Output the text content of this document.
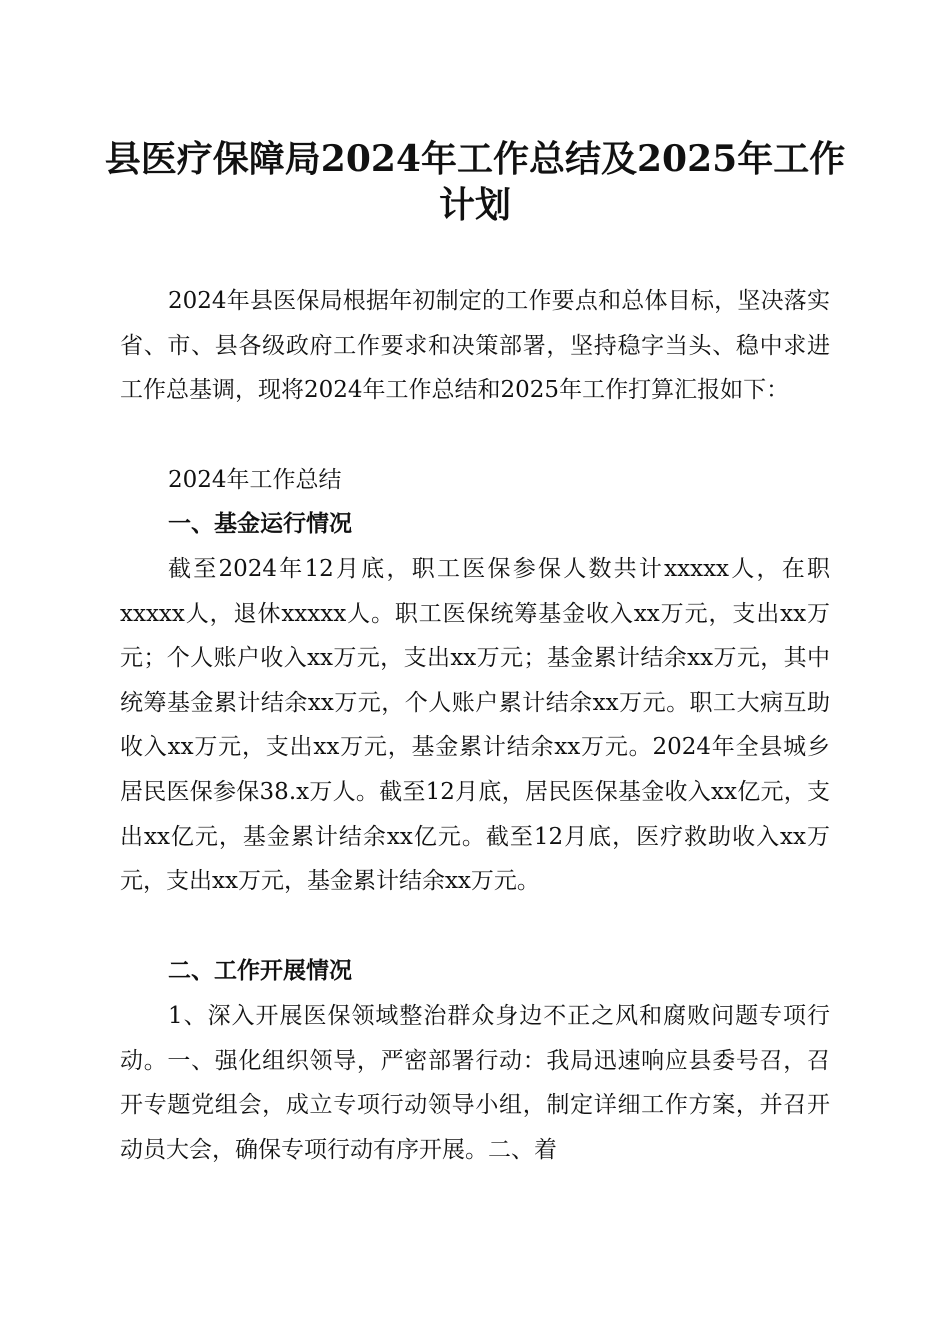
县医疗保障局2024年工作总结及2025年工作
计划

2024年县医保局根据年初制定的工作要点和总体目标，坚决落实省、市、县各级政府工作要求和决策部署，坚持稳字当头、稳中求进工作总基调，现将2024年工作总结和2025年工作打算汇报如下：

2024年工作总结

一、基金运行情况

截至2024年12月底，职工医保参保人数共计xxxxx人，在职xxxxx人，退休xxxxx人。职工医保统筹基金收入xx万元，支出xx万元；个人账户收入xx万元，支出xx万元；基金累计结余xx万元，其中统筹基金累计结余xx万元，个人账户累计结余xx万元。职工大病互助收入xx万元，支出xx万元，基金累计结余xx万元。2024年全县城乡居民医保参保38.x万人。截至12月底，居民医保基金收入xx亿元，支出xx亿元，基金累计结余xx亿元。截至12月底，医疗救助收入xx万元，支出xx万元，基金累计结余xx万元。

二、工作开展情况

1、深入开展医保领域整治群众身边不正之风和腐败问题专项行动。一、强化组织领导，严密部署行动：我局迅速响应县委号召，召开专题党组会，成立专项行动领导小组，制定详细工作方案，并召开动员大会，确保专项行动有序开展。二、着
